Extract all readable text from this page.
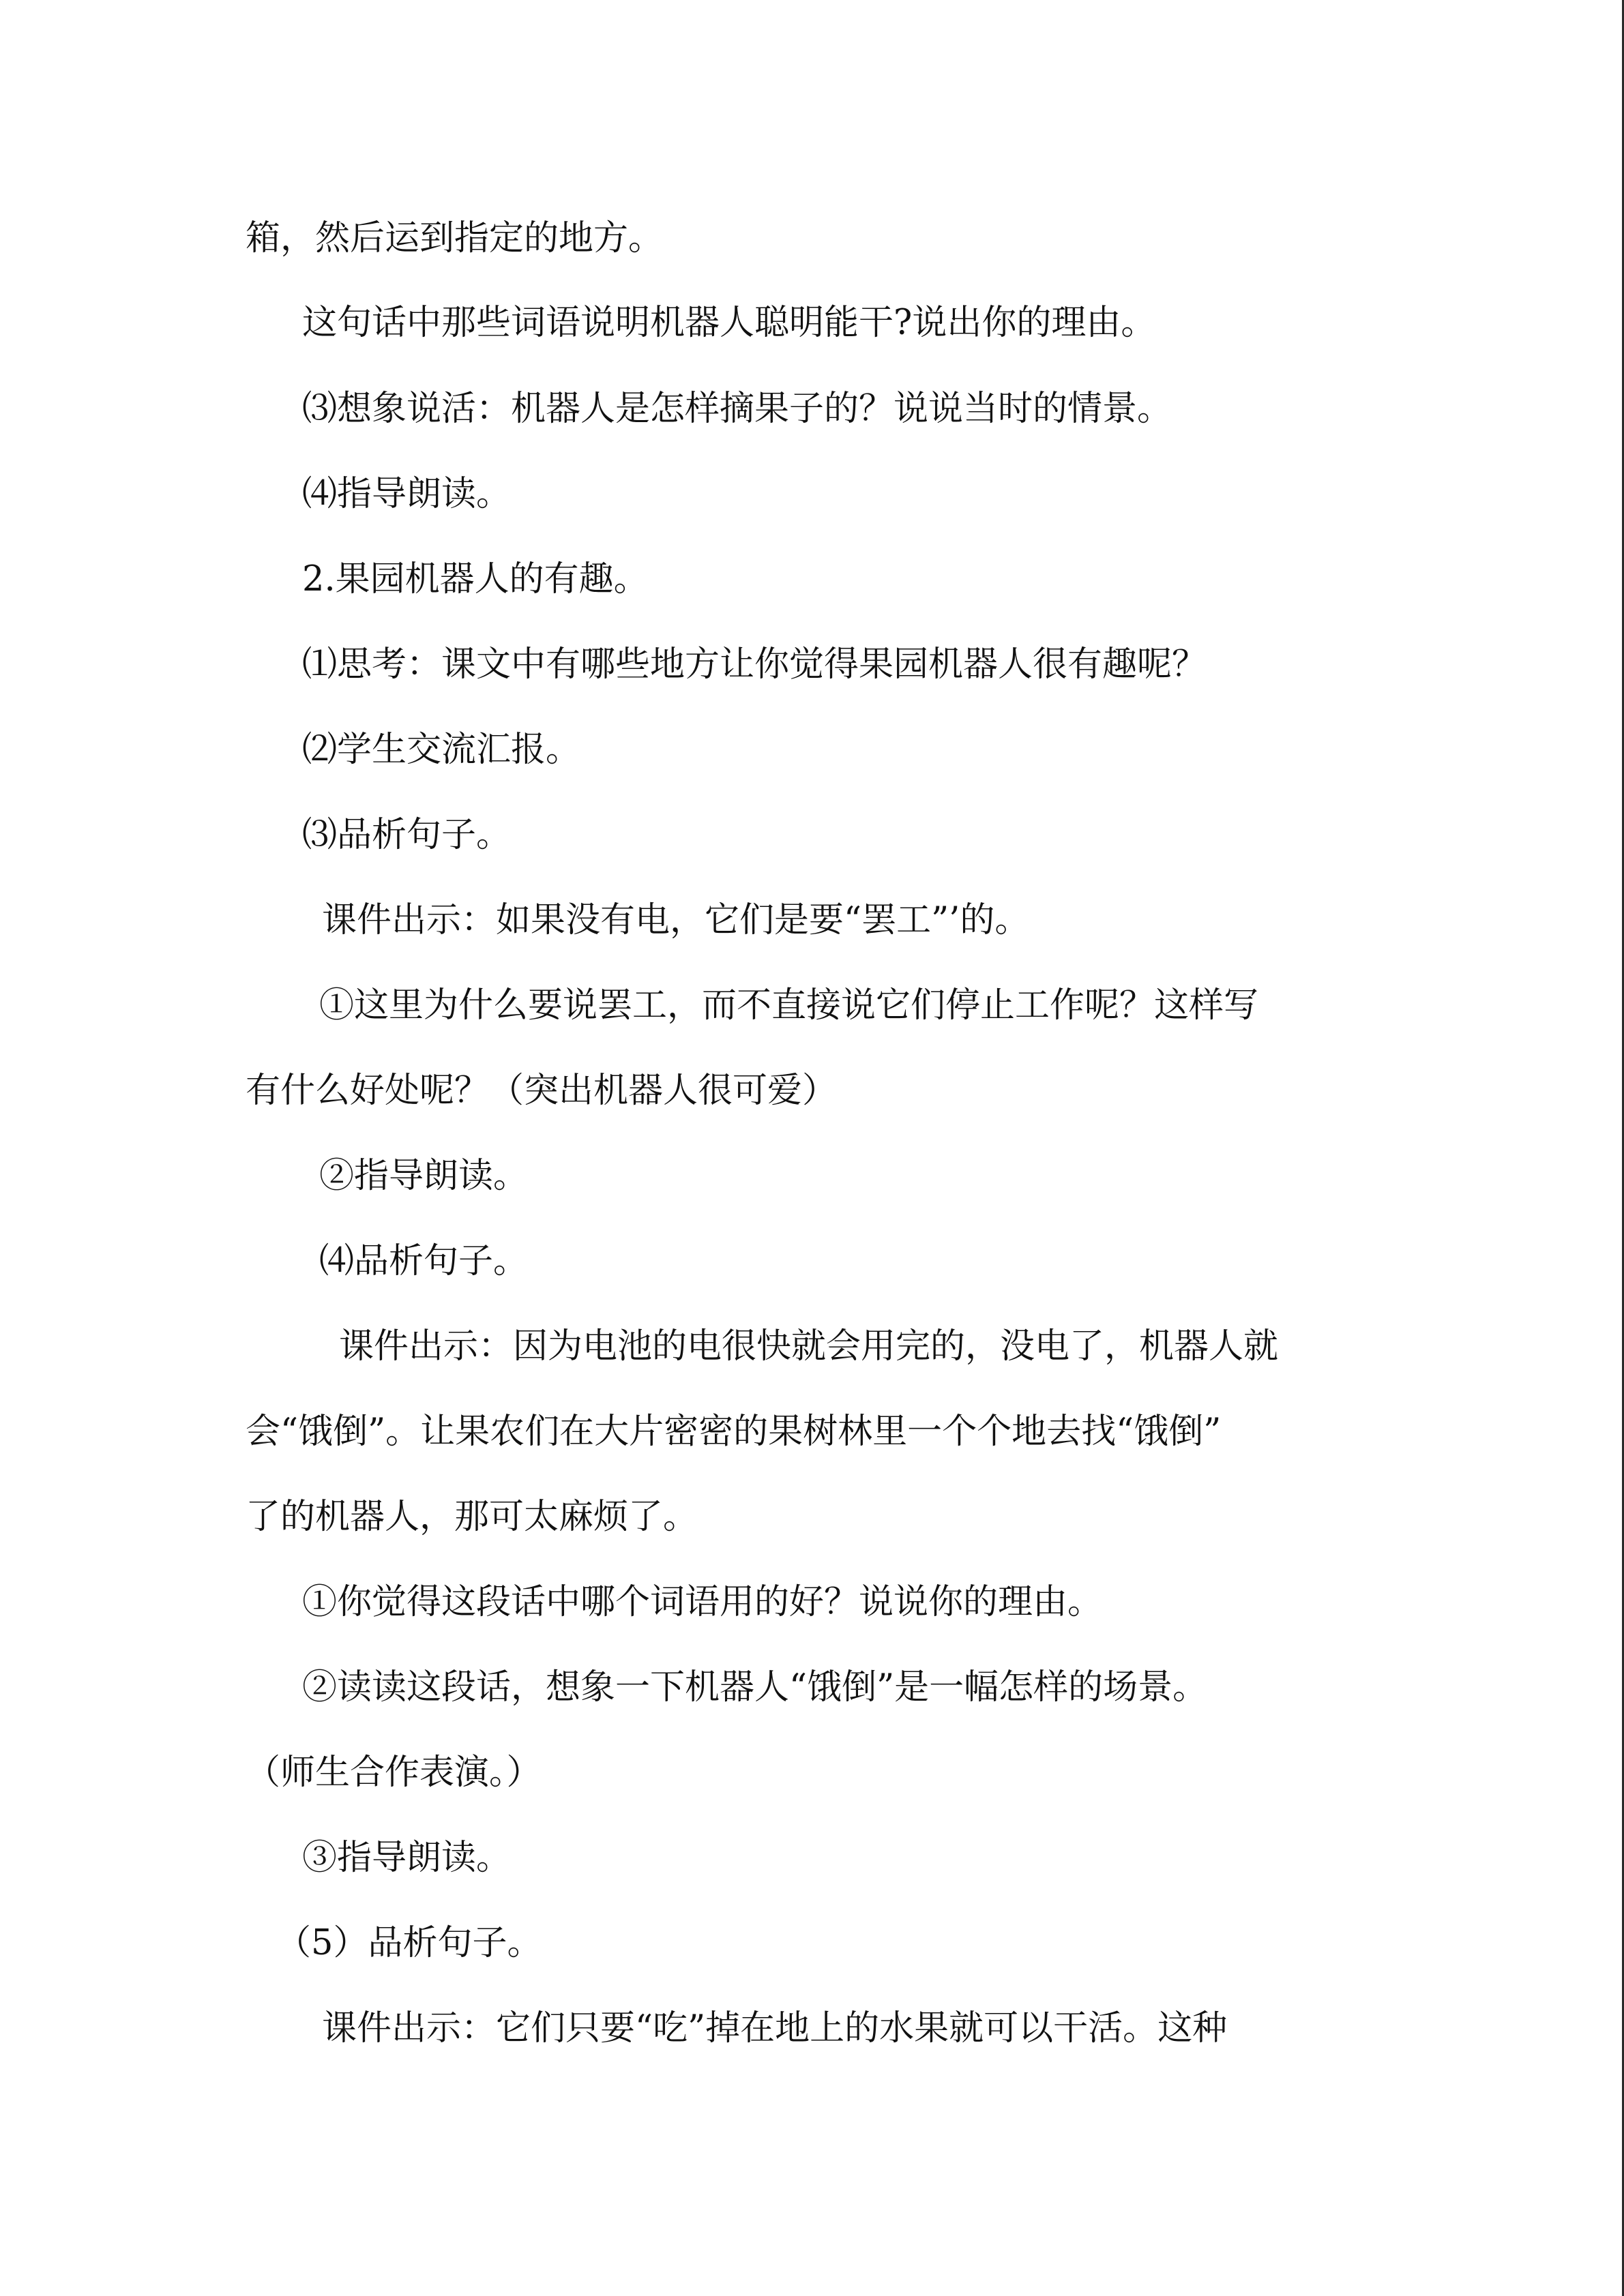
箱，然后运到指定的地方。

这句话中那些词语说明机器人聪明能干?说出你的理由。

⑶想象说活：机器人是怎样摘果子的？说说当时的情景。

⑷指导朗读。

2.果园机器人的有趣。

⑴思考：课文中有哪些地方让你觉得果园机器人很有趣呢？

⑵学生交流汇报。

⑶品析句子。

课件出示：如果没有电，它们是要“罢工”’的。

①这里为什么要说罢工，而不直接说它们停止工作呢？这样写

有什么好处呢？（突出机器人很可爱）

②指导朗读。

⑷品析句子。

课件出示：因为电池的电很快就会用完的，没电了，机器人就

会“饿倒”。让果农们在大片密密的果树林里一个个地去找“饿倒”

了的机器人，那可太麻烦了。

①你觉得这段话中哪个词语用的好？说说你的理由。

②读读这段话，想象一下机器人“饿倒”是一幅怎样的场景。

（师生合作表演。）

③指导朗读。

（5）品析句子。

课件出示：它们只要“吃”掉在地上的水果就可以干活。这种
